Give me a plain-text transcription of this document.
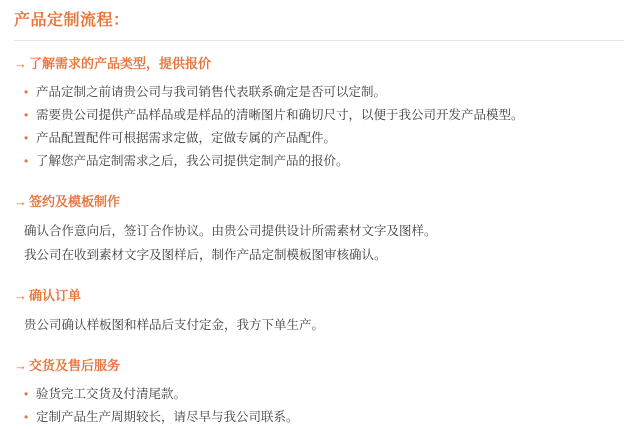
产品定制流程：
→ 了解需求的产品类型，提供报价
• 产品定制之前请贵公司与我司销售代表联系确定是否可以定制。
• 需要贵公司提供产品样品或是样品的清晰图片和确切尺寸，以便于我公司开发产品模型。
• 产品配置配件可根据需求定做，定做专属的产品配件。
• 了解您产品定制需求之后，我公司提供定制产品的报价。
→ 签约及模板制作
确认合作意向后，签订合作协议。由贵公司提供设计所需素材文字及图样。
我公司在收到素材文字及图样后，制作产品定制模板图审核确认。
→ 确认订单
贵公司确认样板图和样品后支付定金，我方下单生产。
→ 交货及售后服务
• 验货完工交货及付清尾款。
• 定制产品生产周期较长，请尽早与我公司联系。
